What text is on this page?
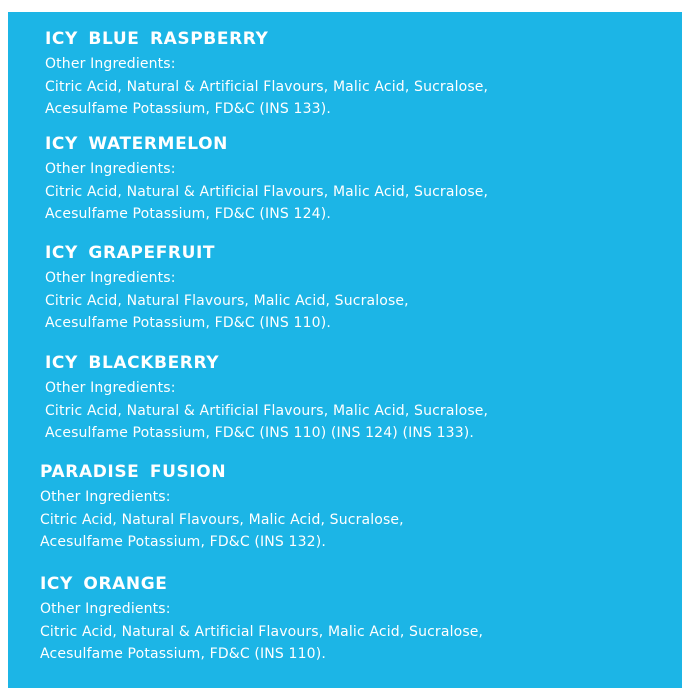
ICY BLUE RASPBERRY
Other Ingredients:
Citric Acid, Natural & Artificial Flavours, Malic Acid, Sucralose,
Acesulfame Potassium, FD&C (INS 133).
ICY WATERMELON
Other Ingredients:
Citric Acid, Natural & Artificial Flavours, Malic Acid, Sucralose,
Acesulfame Potassium, FD&C (INS 124).
ICY GRAPEFRUIT
Other Ingredients:
Citric Acid, Natural Flavours, Malic Acid, Sucralose,
Acesulfame Potassium, FD&C (INS 110).
ICY BLACKBERRY
Other Ingredients:
Citric Acid, Natural & Artificial Flavours, Malic Acid, Sucralose,
Acesulfame Potassium, FD&C (INS 110) (INS 124) (INS 133).
PARADISE FUSION
Other Ingredients:
Citric Acid, Natural Flavours, Malic Acid, Sucralose,
Acesulfame Potassium, FD&C (INS 132).
ICY ORANGE
Other Ingredients:
Citric Acid, Natural & Artificial Flavours, Malic Acid, Sucralose,
Acesulfame Potassium, FD&C (INS 110).
